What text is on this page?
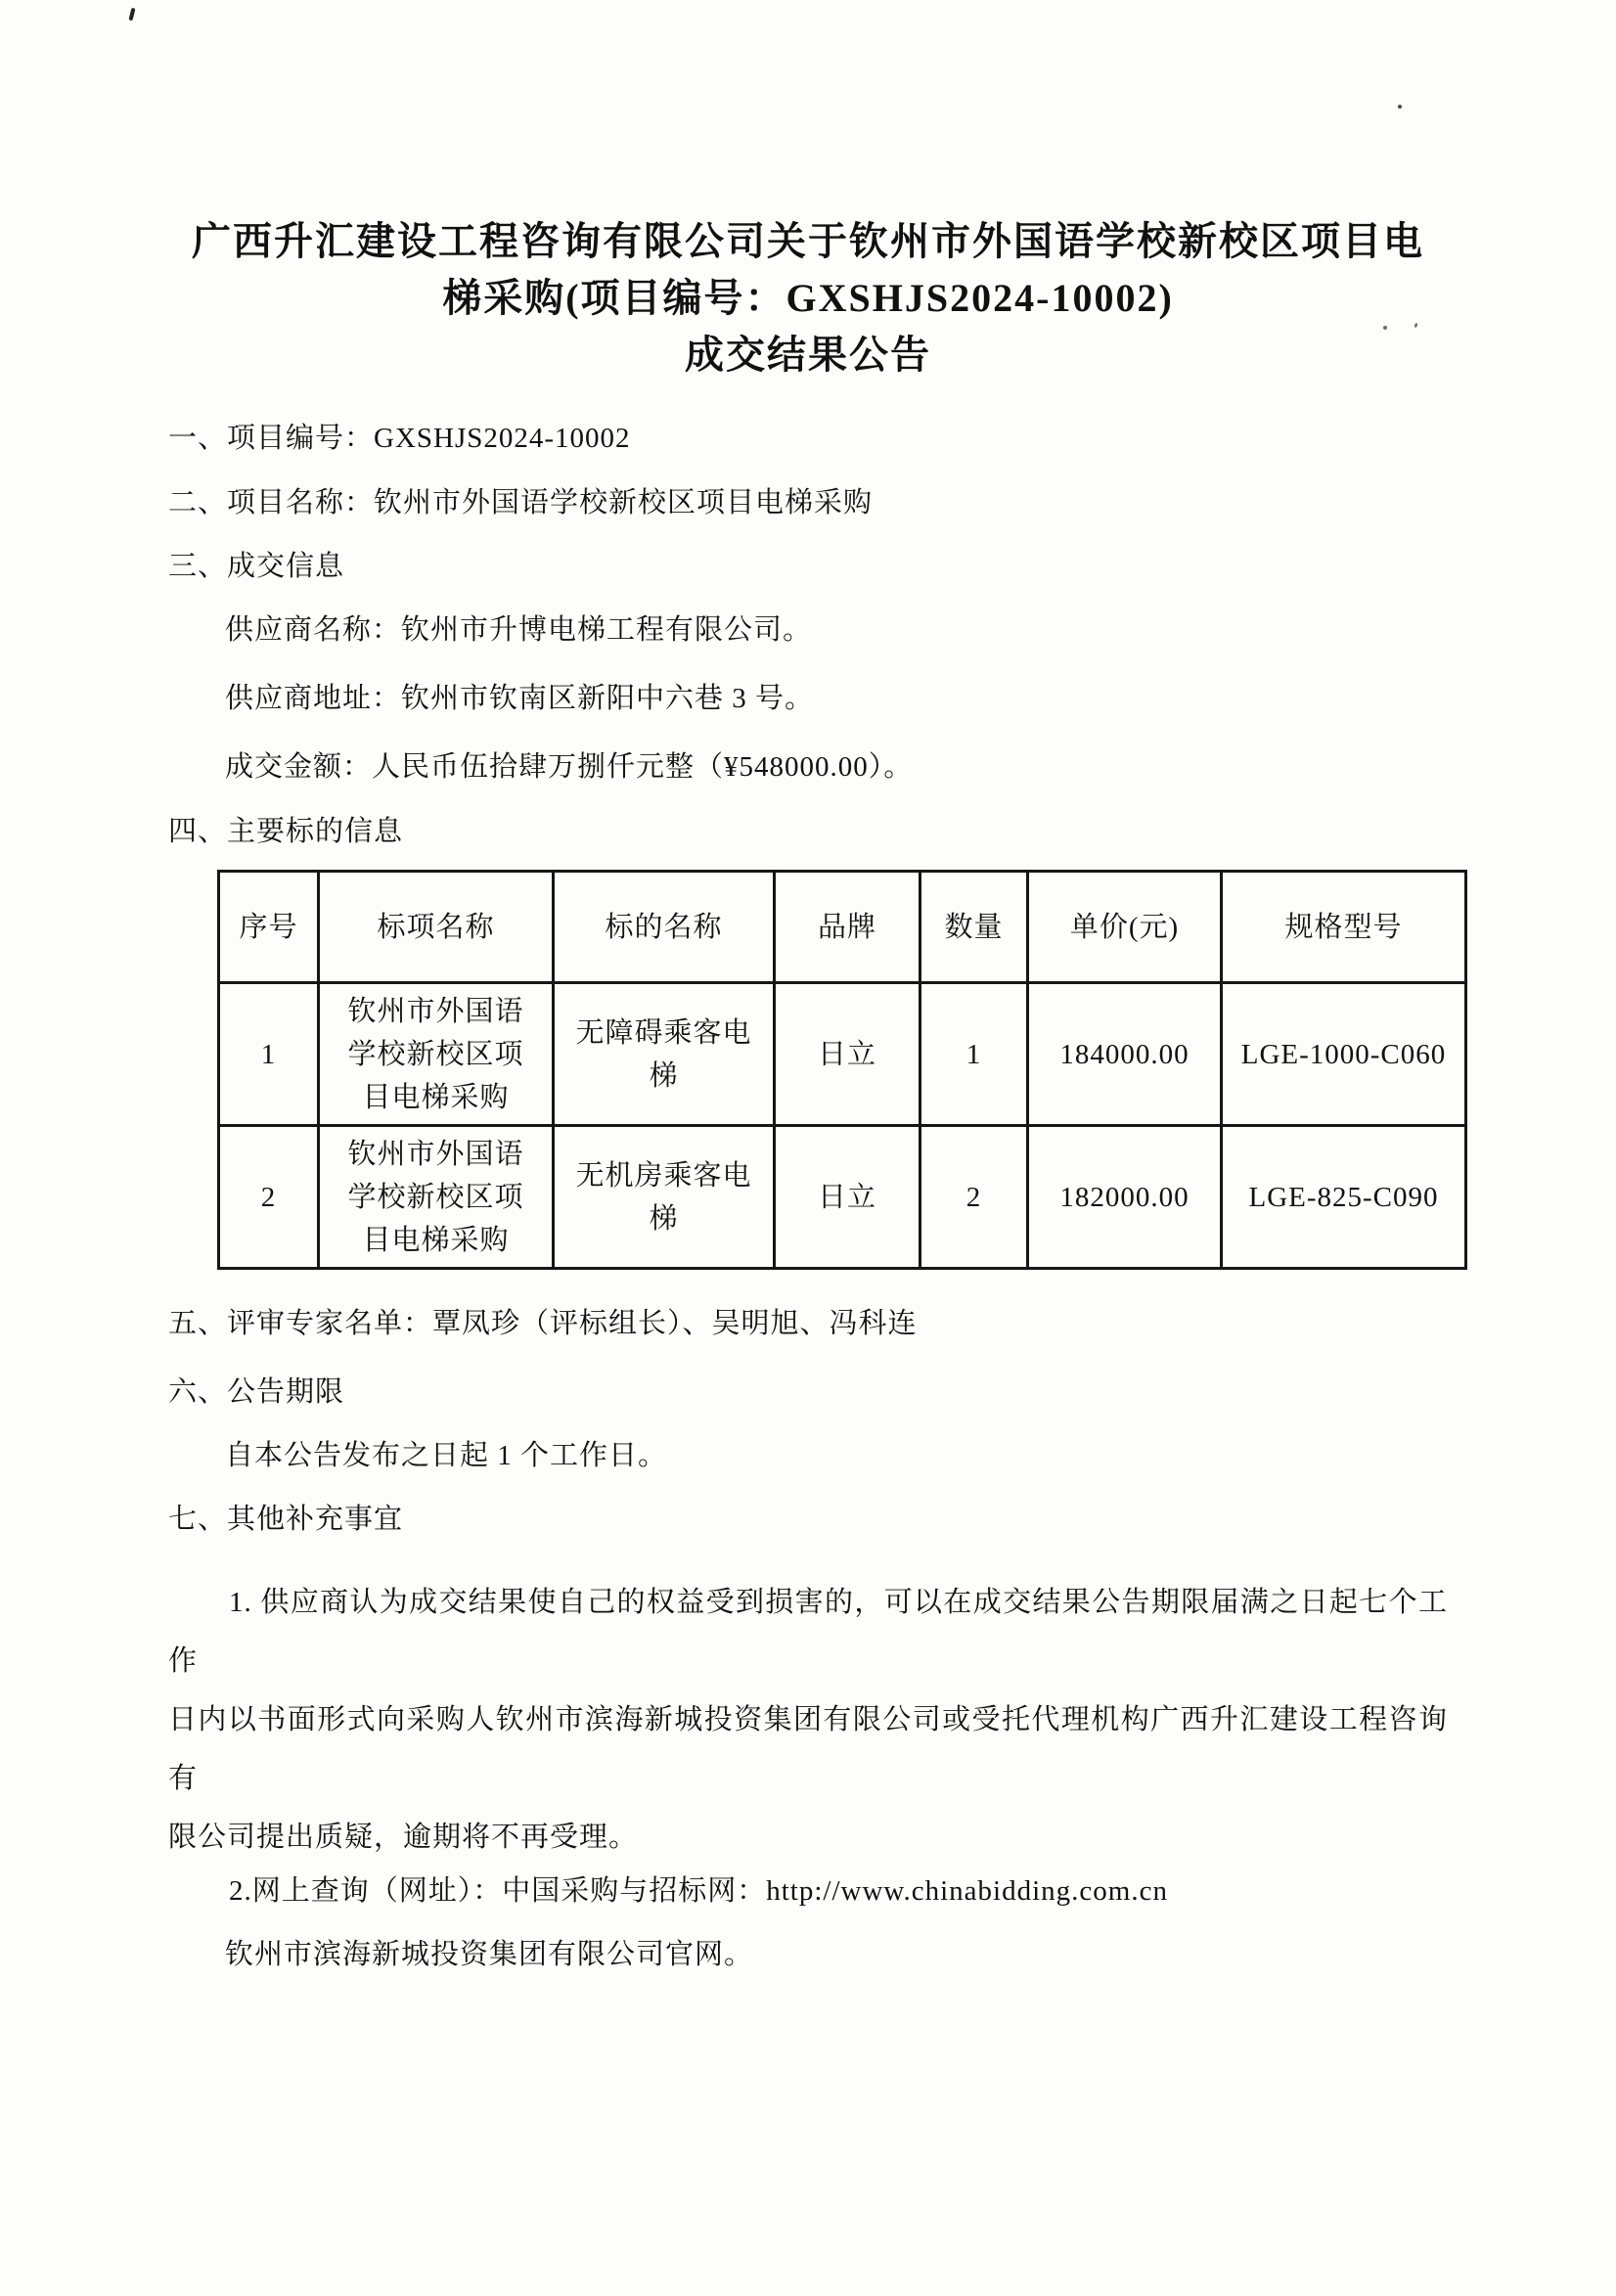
广西升汇建设工程咨询有限公司关于钦州市外国语学校新校区项目电
梯采购(项目编号：GXSHJS2024-10002)
成交结果公告
一、项目编号：GXSHJS2024-10002
二、项目名称：钦州市外国语学校新校区项目电梯采购
三、成交信息
供应商名称：钦州市升博电梯工程有限公司。
供应商地址：钦州市钦南区新阳中六巷 3 号。
成交金额：人民币伍拾肆万捌仟元整（¥548000.00）。
四、主要标的信息
序号	标项名称	标的名称	品牌	数量	单价(元)	规格型号
1	钦州市外国语学校新校区项目电梯采购	无障碍乘客电梯	日立	1	184000.00	LGE-1000-C060
2	钦州市外国语学校新校区项目电梯采购	无机房乘客电梯	日立	2	182000.00	LGE-825-C090
五、评审专家名单：覃凤珍（评标组长）、吴明旭、冯科连
六、公告期限
自本公告发布之日起 1 个工作日。
七、其他补充事宜
1. 供应商认为成交结果使自己的权益受到损害的，可以在成交结果公告期限届满之日起七个工作
日内以书面形式向采购人钦州市滨海新城投资集团有限公司或受托代理机构广西升汇建设工程咨询有
限公司提出质疑，逾期将不再受理。
2.网上查询（网址）：中国采购与招标网：http://www.chinabidding.com.cn
钦州市滨海新城投资集团有限公司官网。
